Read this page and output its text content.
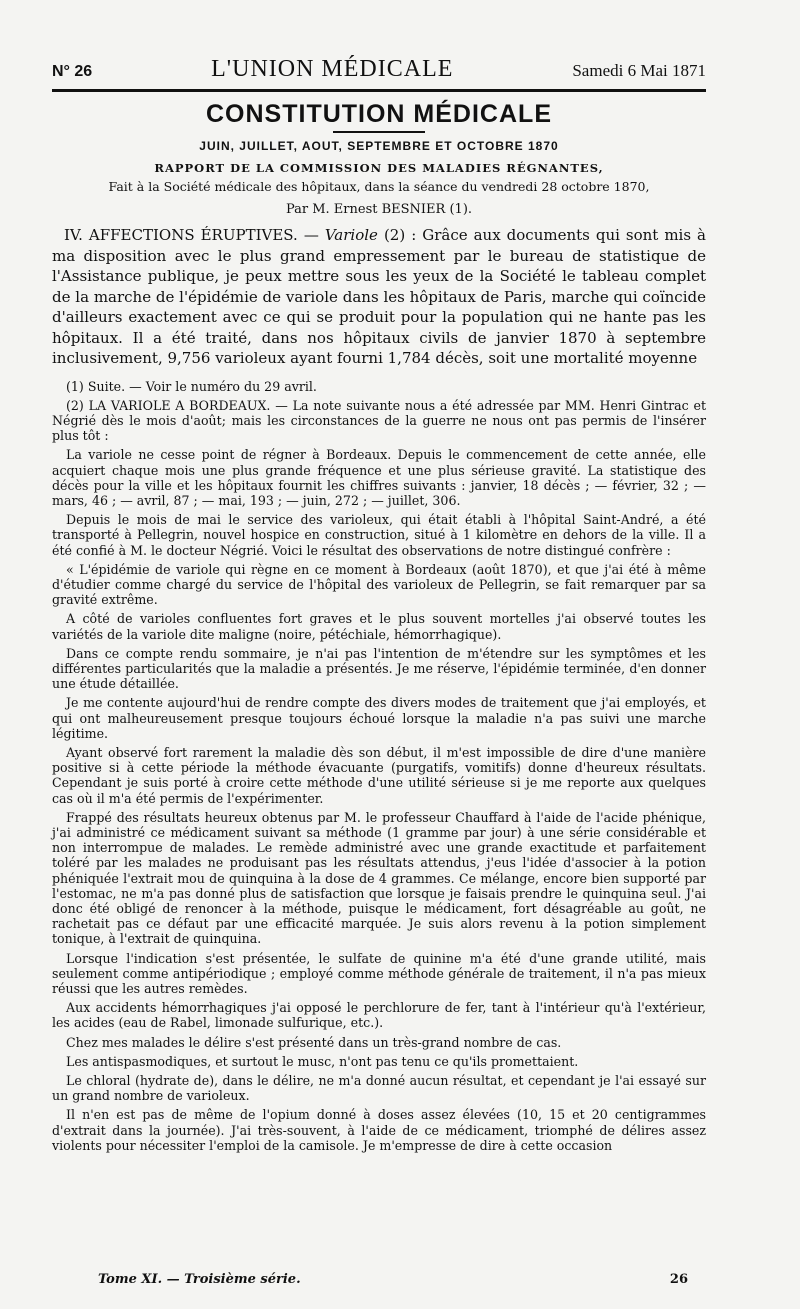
N° 26	L'UNION MÉDICALE	Samedi 6 Mai 1871
CONSTITUTION MÉDICALE
JUIN, JUILLET, AOUT, SEPTEMBRE ET OCTOBRE 1870
RAPPORT DE LA COMMISSION DES MALADIES RÉGNANTES,
Fait à la Société médicale des hôpitaux, dans la séance du vendredi 28 octobre 1870,
Par M. Ernest BESNIER (1).

IV. AFFECTIONS ÉRUPTIVES. — Variole (2) : Grâce aux documents qui sont mis à ma disposition avec le plus grand empressement par le bureau de statistique de l'Assistance publique, je peux mettre sous les yeux de la Société le tableau complet de la marche de l'épidémie de variole dans les hôpitaux de Paris, marche qui coïncide d'ailleurs exactement avec ce qui se produit pour la population qui ne hante pas les hôpitaux. Il a été traité, dans nos hôpitaux civils de janvier 1870 à septembre inclusivement, 9,756 varioleux ayant fourni 1,784 décès, soit une mortalité moyenne

(1) Suite. — Voir le numéro du 29 avril.

(2) LA VARIOLE A BORDEAUX. — La note suivante nous a été adressée par MM. Henri Gintrac et Négrié dès le mois d'août; mais les circonstances de la guerre ne nous ont pas permis de l'insérer plus tôt :

La variole ne cesse point de régner à Bordeaux. Depuis le commencement de cette année, elle acquiert chaque mois une plus grande fréquence et une plus sérieuse gravité. La statistique des décès pour la ville et les hôpitaux fournit les chiffres suivants : janvier, 18 décès ; — février, 32 ; — mars, 46 ; — avril, 87 ; — mai, 193 ; — juin, 272 ; — juillet, 306.

Depuis le mois de mai le service des varioleux, qui était établi à l'hôpital Saint-André, a été transporté à Pellegrin, nouvel hospice en construction, situé à 1 kilomètre en dehors de la ville. Il a été confié à M. le docteur Négrié. Voici le résultat des observations de notre distingué confrère :

« L'épidémie de variole qui règne en ce moment à Bordeaux (août 1870), et que j'ai été à même d'étudier comme chargé du service de l'hôpital des varioleux de Pellegrin, se fait remarquer par sa gravité extrême.

A côté de varioles confluentes fort graves et le plus souvent mortelles j'ai observé toutes les variétés de la variole dite maligne (noire, pétéchiale, hémorrhagique).

Dans ce compte rendu sommaire, je n'ai pas l'intention de m'étendre sur les symptômes et les différentes particularités que la maladie a présentés. Je me réserve, l'épidémie terminée, d'en donner une étude détaillée.

Je me contente aujourd'hui de rendre compte des divers modes de traitement que j'ai employés, et qui ont malheureusement presque toujours échoué lorsque la maladie n'a pas suivi une marche légitime.

Ayant observé fort rarement la maladie dès son début, il m'est impossible de dire d'une manière positive si à cette période la méthode évacuante (purgatifs, vomitifs) donne d'heureux résultats. Cependant je suis porté à croire cette méthode d'une utilité sérieuse si je me reporte aux quelques cas où il m'a été permis de l'expérimenter.

Frappé des résultats heureux obtenus par M. le professeur Chauffard à l'aide de l'acide phénique, j'ai administré ce médicament suivant sa méthode (1 gramme par jour) à une série considérable et non interrompue de malades. Le remède administré avec une grande exactitude et parfaitement toléré par les malades ne produisant pas les résultats attendus, j'eus l'idée d'associer à la potion phéniquée l'extrait mou de quinquina à la dose de 4 grammes. Ce mélange, encore bien supporté par l'estomac, ne m'a pas donné plus de satisfaction que lorsque je faisais prendre le quinquina seul. J'ai donc été obligé de renoncer à la méthode, puisque le médicament, fort désagréable au goût, ne rachetait pas ce défaut par une efficacité marquée. Je suis alors revenu à la potion simplement tonique, à l'extrait de quinquina.

Lorsque l'indication s'est présentée, le sulfate de quinine m'a été d'une grande utilité, mais seulement comme antipériodique ; employé comme méthode générale de traitement, il n'a pas mieux réussi que les autres remèdes.

Aux accidents hémorrhagiques j'ai opposé le perchlorure de fer, tant à l'intérieur qu'à l'extérieur, les acides (eau de Rabel, limonade sulfurique, etc.).

Chez mes malades le délire s'est présenté dans un très-grand nombre de cas.

Les antispasmodiques, et surtout le musc, n'ont pas tenu ce qu'ils promettaient.

Le chloral (hydrate de), dans le délire, ne m'a donné aucun résultat, et cependant je l'ai essayé sur un grand nombre de varioleux.

Il n'en est pas de même de l'opium donné à doses assez élevées (10, 15 et 20 centigrammes d'extrait dans la journée). J'ai très-souvent, à l'aide de ce médicament, triomphé de délires assez violents pour nécessiter l'emploi de la camisole. Je m'empresse de dire à cette occasion

Tome XI. — Troisième série.	26
